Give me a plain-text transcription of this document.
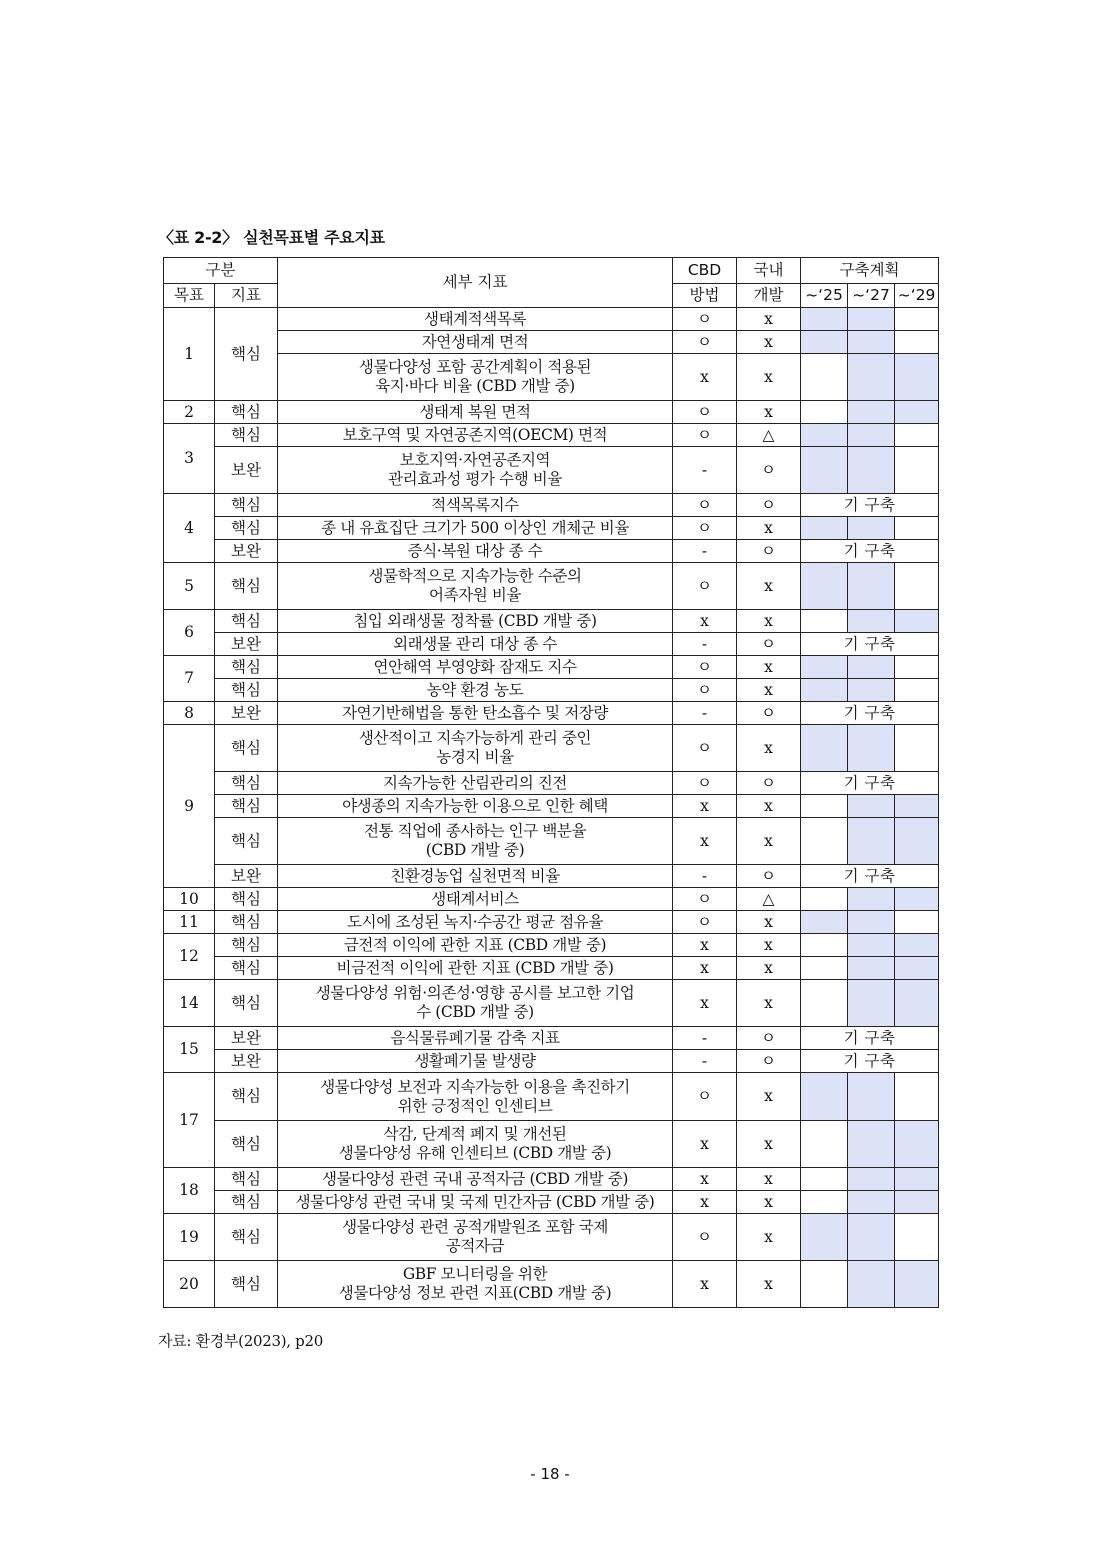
〈표 2-2〉 실천목표별 주요지표
구분		세부 지표	CBD	국내	구축계획		
목표	지표		방법	개발	~‘25	~‘27	~‘29
1	핵심	생태계적색목록	ㅇ	x			
		자연생태계 면적	ㅇ	x			
		생물다양성 포함 공간계획이 적용된
육지·바다 비율 (CBD 개발 중)	x	x			
2	핵심	생태계 복원 면적	ㅇ	x			
3	핵심	보호구역 및 자연공존지역(OECM) 면적	ㅇ	△			
	보완	보호지역·자연공존지역
관리효과성 평가 수행 비율	-	ㅇ			
4	핵심	적색목록지수	ㅇ	ㅇ	기 구축		
	핵심	종 내 유효집단 크기가 500 이상인 개체군 비율	ㅇ	x			
	보완	증식·복원 대상 종 수	-	ㅇ	기 구축		
5	핵심	생물학적으로 지속가능한 수준의
어족자원 비율	ㅇ	x			
6	핵심	침입 외래생물 정착률 (CBD 개발 중)	x	x			
	보완	외래생물 관리 대상 종 수	-	ㅇ	기 구축		
7	핵심	연안해역 부영양화 잠재도 지수	ㅇ	x			
	핵심	농약 환경 농도	ㅇ	x			
8	보완	자연기반해법을 통한 탄소흡수 및 저장량	-	ㅇ	기 구축		
9	핵심	생산적이고 지속가능하게 관리 중인
농경지 비율	ㅇ	x			
	핵심	지속가능한 산림관리의 진전	ㅇ	ㅇ	기 구축		
	핵심	야생종의 지속가능한 이용으로 인한 혜택	x	x			
	핵심	전통 직업에 종사하는 인구 백분율
(CBD 개발 중)	x	x			
	보완	친환경농업 실천면적 비율	-	ㅇ	기 구축		
10	핵심	생태계서비스	ㅇ	△			
11	핵심	도시에 조성된 녹지·수공간 평균 점유율	ㅇ	x			
12	핵심	금전적 이익에 관한 지표 (CBD 개발 중)	x	x			
	핵심	비금전적 이익에 관한 지표 (CBD 개발 중)	x	x			
14	핵심	생물다양성 위험·의존성·영향 공시를 보고한 기업
수 (CBD 개발 중)	x	x			
15	보완	음식물류폐기물 감축 지표	-	ㅇ	기 구축		
	보완	생활폐기물 발생량	-	ㅇ	기 구축		
17	핵심	생물다양성 보전과 지속가능한 이용을 촉진하기
위한 긍정적인 인센티브	ㅇ	x			
	핵심	삭감, 단계적 폐지 및 개선된
생물다양성 유해 인센티브 (CBD 개발 중)	x	x			
18	핵심	생물다양성 관련 국내 공적자금 (CBD 개발 중)	x	x			
	핵심	생물다양성 관련 국내 및 국제 민간자금 (CBD 개발 중)	x	x			
19	핵심	생물다양성 관련 공적개발원조 포함 국제
공적자금	ㅇ	x			
20	핵심	GBF 모니터링을 위한
생물다양성 정보 관련 지표(CBD 개발 중)	x	x			
자료: 환경부(2023), p20
- 18 -
